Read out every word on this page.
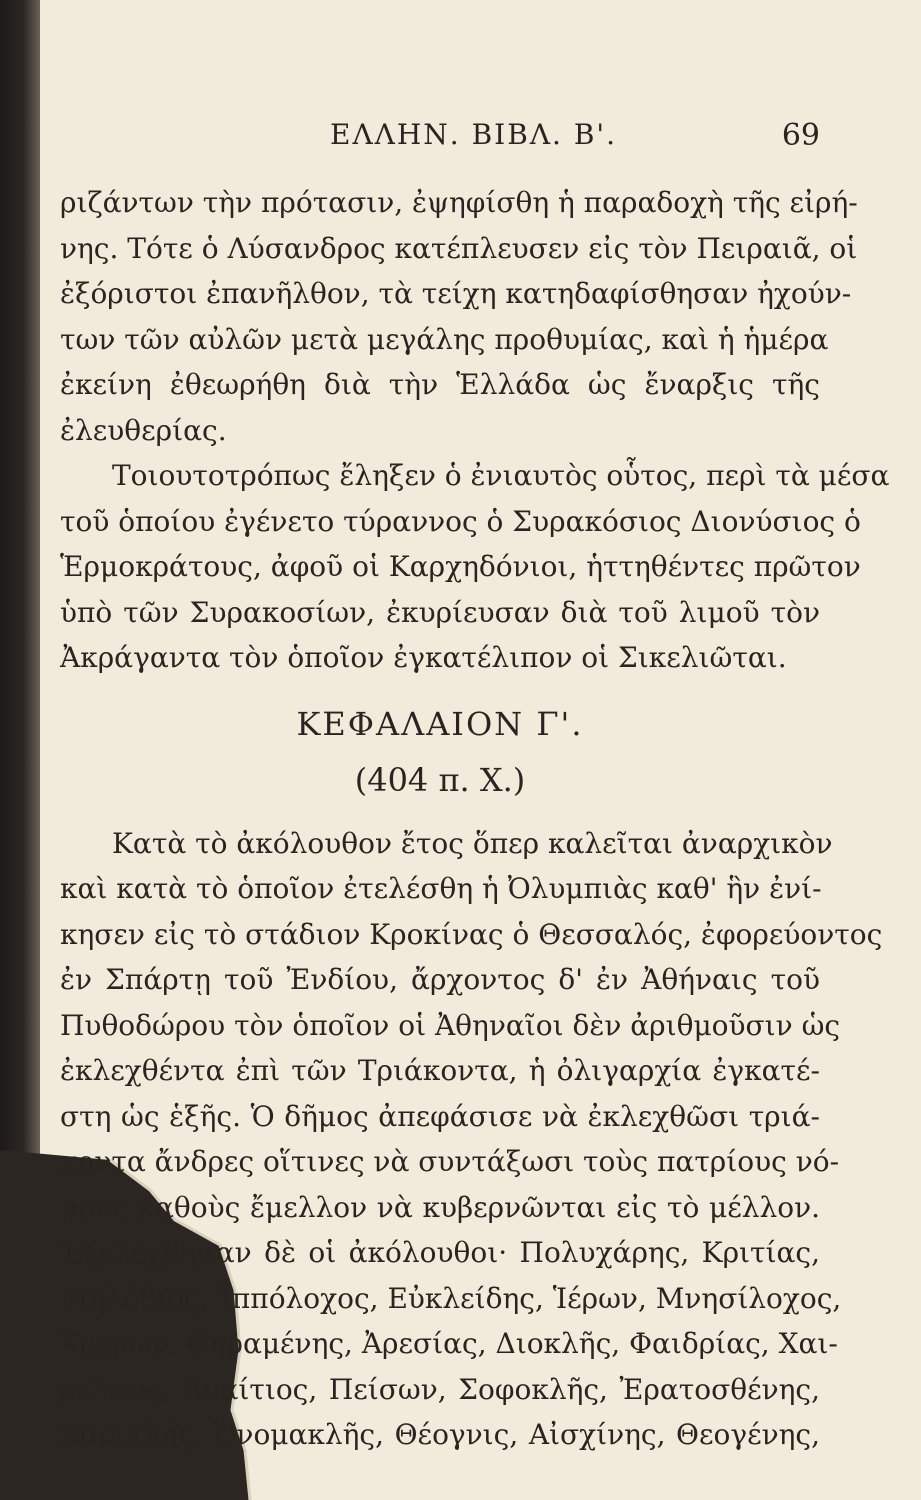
ΕΛΛΗΝ. ΒΙΒΛ. Β'.	69
ριζάντων τὴν πρότασιν, ἐψηφίσθη ἡ παραδοχὴ τῆς εἰρή-
νης. Τότε ὁ Λύσανδρος κατέπλευσεν εἰς τὸν Πειραιᾶ, οἱ
ἐξόριστοι ἐπανῆλθον, τὰ τείχη κατηδαφίσθησαν ἠχούν-
των τῶν αὐλῶν μετὰ μεγάλης προθυμίας, καὶ ἡ ἡμέρα
ἐκείνη ἐθεωρήθη διὰ τὴν Ἑλλάδα ὡς ἔναρξις τῆς
ἐλευθερίας.
Τοιουτοτρόπως ἔληξεν ὁ ἐνιαυτὸς οὗτος, περὶ τὰ μέσα
τοῦ ὁποίου ἐγένετο τύραννος ὁ Συρακόσιος Διονύσιος ὁ
Ἑρμοκράτους, ἀφοῦ οἱ Καρχηδόνιοι, ἡττηθέντες πρῶτον
ὑπὸ τῶν Συρακοσίων, ἐκυρίευσαν διὰ τοῦ λιμοῦ τὸν
Ἀκράγαντα τὸν ὁποῖον ἐγκατέλιπον οἱ Σικελιῶται.
ΚΕΦΑΛΑΙΟΝ Γ'.
(404 π. Χ.)
Κατὰ τὸ ἀκόλουθον ἔτος ὅπερ καλεῖται ἀναρχικὸν
καὶ κατὰ τὸ ὁποῖον ἐτελέσθη ἡ Ὀλυμπιὰς καθ' ἣν ἐνί-
κησεν εἰς τὸ στάδιον Κροκίνας ὁ Θεσσαλός, ἐφορεύοντος
ἐν Σπάρτῃ τοῦ Ἐνδίου, ἄρχοντος δ' ἐν Ἀθήναις τοῦ
Πυθοδώρου τὸν ὁποῖον οἱ Ἀθηναῖοι δὲν ἀριθμοῦσιν ὡς
ἐκλεχθέντα ἐπὶ τῶν Τριάκοντα, ἡ ὀλιγαρχία ἐγκατέ-
στη ὡς ἑξῆς. Ὁ δῆμος ἀπεφάσισε νὰ ἐκλεχθῶσι τριά-
κοντα ἄνδρες οἵτινες νὰ συντάξωσι τοὺς πατρίους νό-
μους καθοὺς ἔμελλον νὰ κυβερνῶνται εἰς τὸ μέλλον.
Ἐξελέχθησαν δὲ οἱ ἀκόλουθοι· Πολυχάρης, Κριτίας,
Μηλόβιος, Ἱππόλοχος, Εὐκλείδης, Ἱέρων, Μνησίλοχος,
Χρέμων, Θηραμένης, Ἀρεσίας, Διοκλῆς, Φαιδρίας, Χαι-
ρέλεως, Ἀναίτιος, Πείσων, Σοφοκλῆς, Ἐρατοσθένης,
Χαρικλῆς, Ὀνομακλῆς, Θέογνις, Αἰσχίνης, Θεογένης,
